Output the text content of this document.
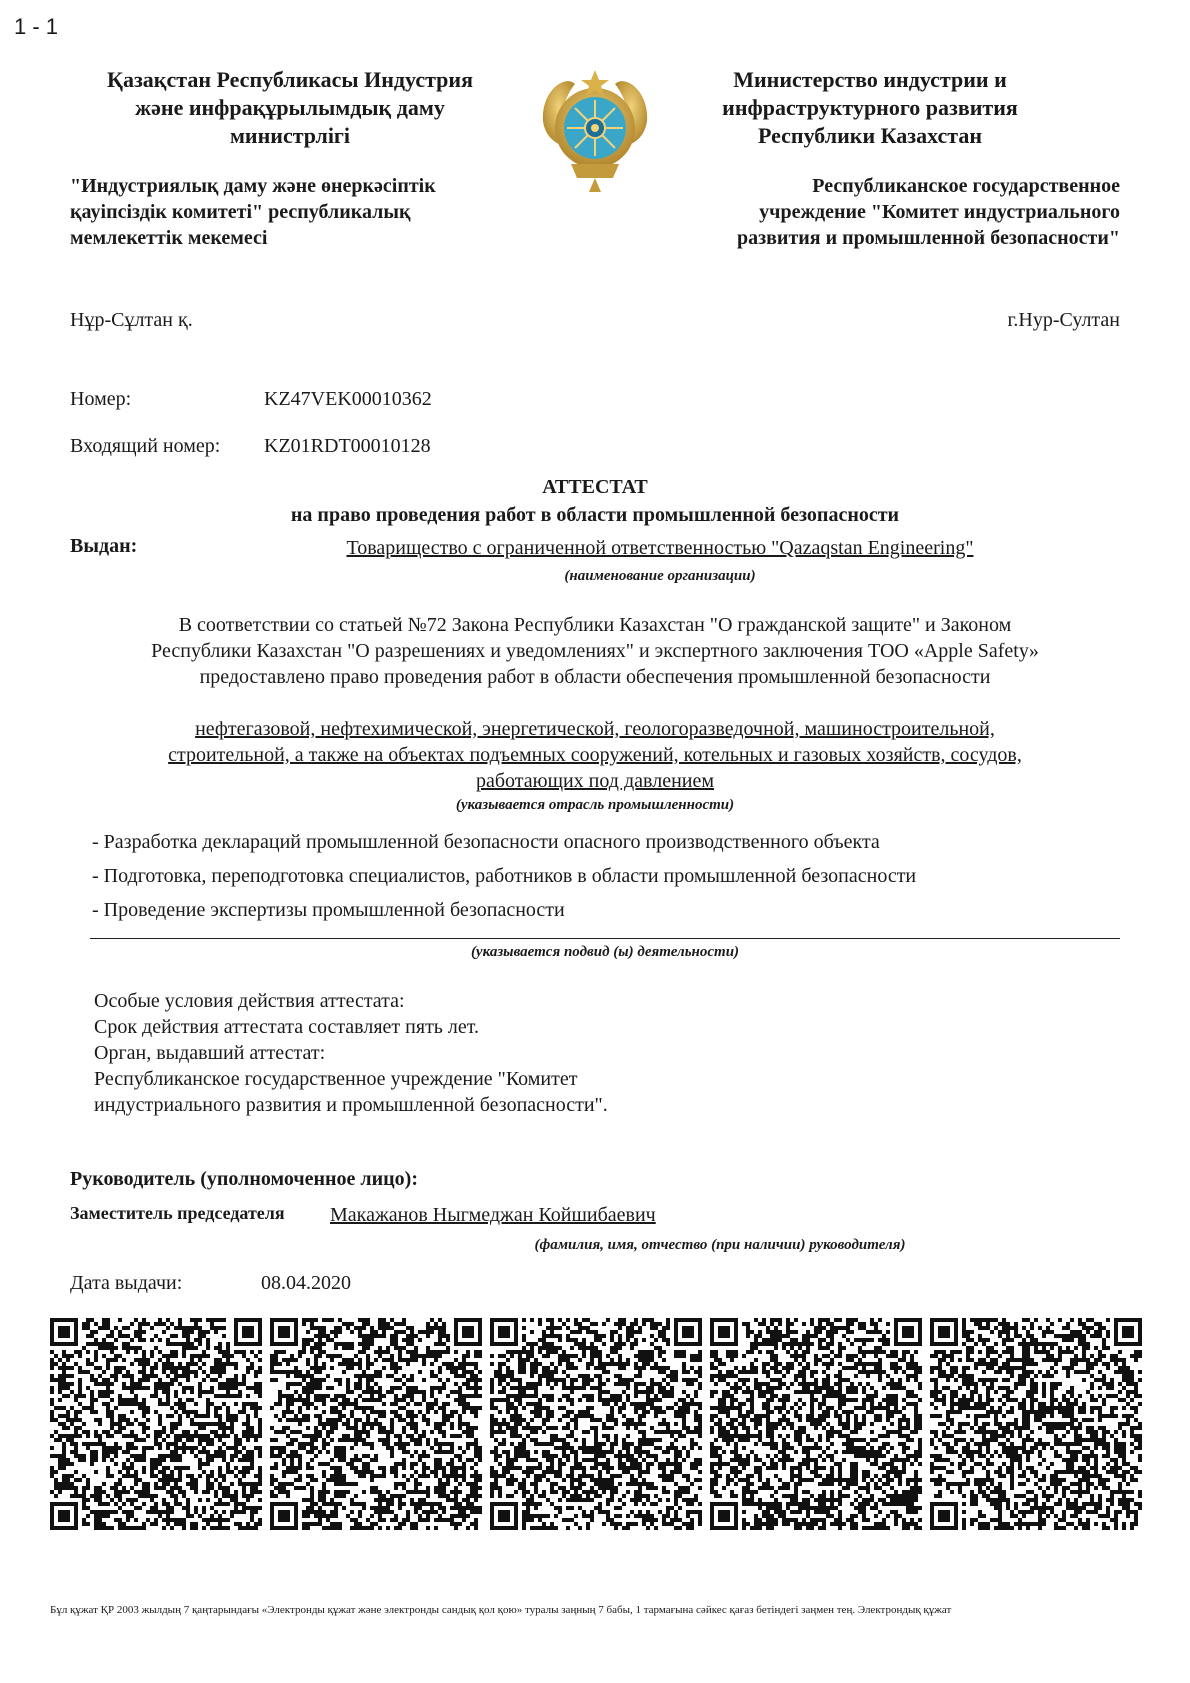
1 - 1
Қазақстан Республикасы Индустрия
және инфрақұрылымдық даму
министрлігі
"Индустриялық даму және өнеркәсіптік
қауіпсіздік комитеті" республикалық
мемлекеттік мекемесі
Министерство индустрии и
инфраструктурного развития
Республики Казахстан
Республиканское государственное
учреждение "Комитет индустриального
развития и промышленной безопасности"
Нұр-Сұлтан қ.	г.Нур-Султан
Номер:	KZ47VEK00010362
Входящий номер: KZ01RDT00010128
АТТЕСТАТ
на право проведения работ в области промышленной безопасности
Выдан:	Товарищество с ограниченной ответственностью "Qazaqstan Engineering"
(наименование организации)
В соответствии со статьей №72 Закона Республики Казахстан "О гражданской защите" и Законом
Республики Казахстан "О разрешениях и уведомлениях" и экспертного заключения ТОО «Apple Safety»
предоставлено право проведения работ в области обеспечения промышленной безопасности
нефтегазовой, нефтехимической, энергетической, геологоразведочной, машиностроительной,
строительной, а также на объектах подъемных сооружений, котельных и газовых хозяйств, сосудов,
работающих под давлением
(указывается отрасль промышленности)
- Разработка деклараций промышленной безопасности опасного производственного объекта
- Подготовка, переподготовка специалистов, работников в области промышленной безопасности
- Проведение экспертизы промышленной безопасности
(указывается подвид (ы) деятельности)
Особые условия действия аттестата:
Срок действия аттестата составляет пять лет.
Орган, выдавший аттестат:
Республиканское государственное учреждение "Комитет
индустриального развития и промышленной безопасности".
Руководитель (уполномоченное лицо):
Заместитель председателя Макажанов Ныгмеджан Койшибаевич
(фамилия, имя, отчество (при наличии) руководителя)
Дата выдачи:	08.04.2020
Бұл құжат ҚР 2003 жылдың 7 қаңтарындағы «Электронды құжат және электронды сандық қол қою» туралы заңның 7 бабы, 1 тармағына сәйкес қағаз бетіндегі заңмен тең. Электрондық құжат
